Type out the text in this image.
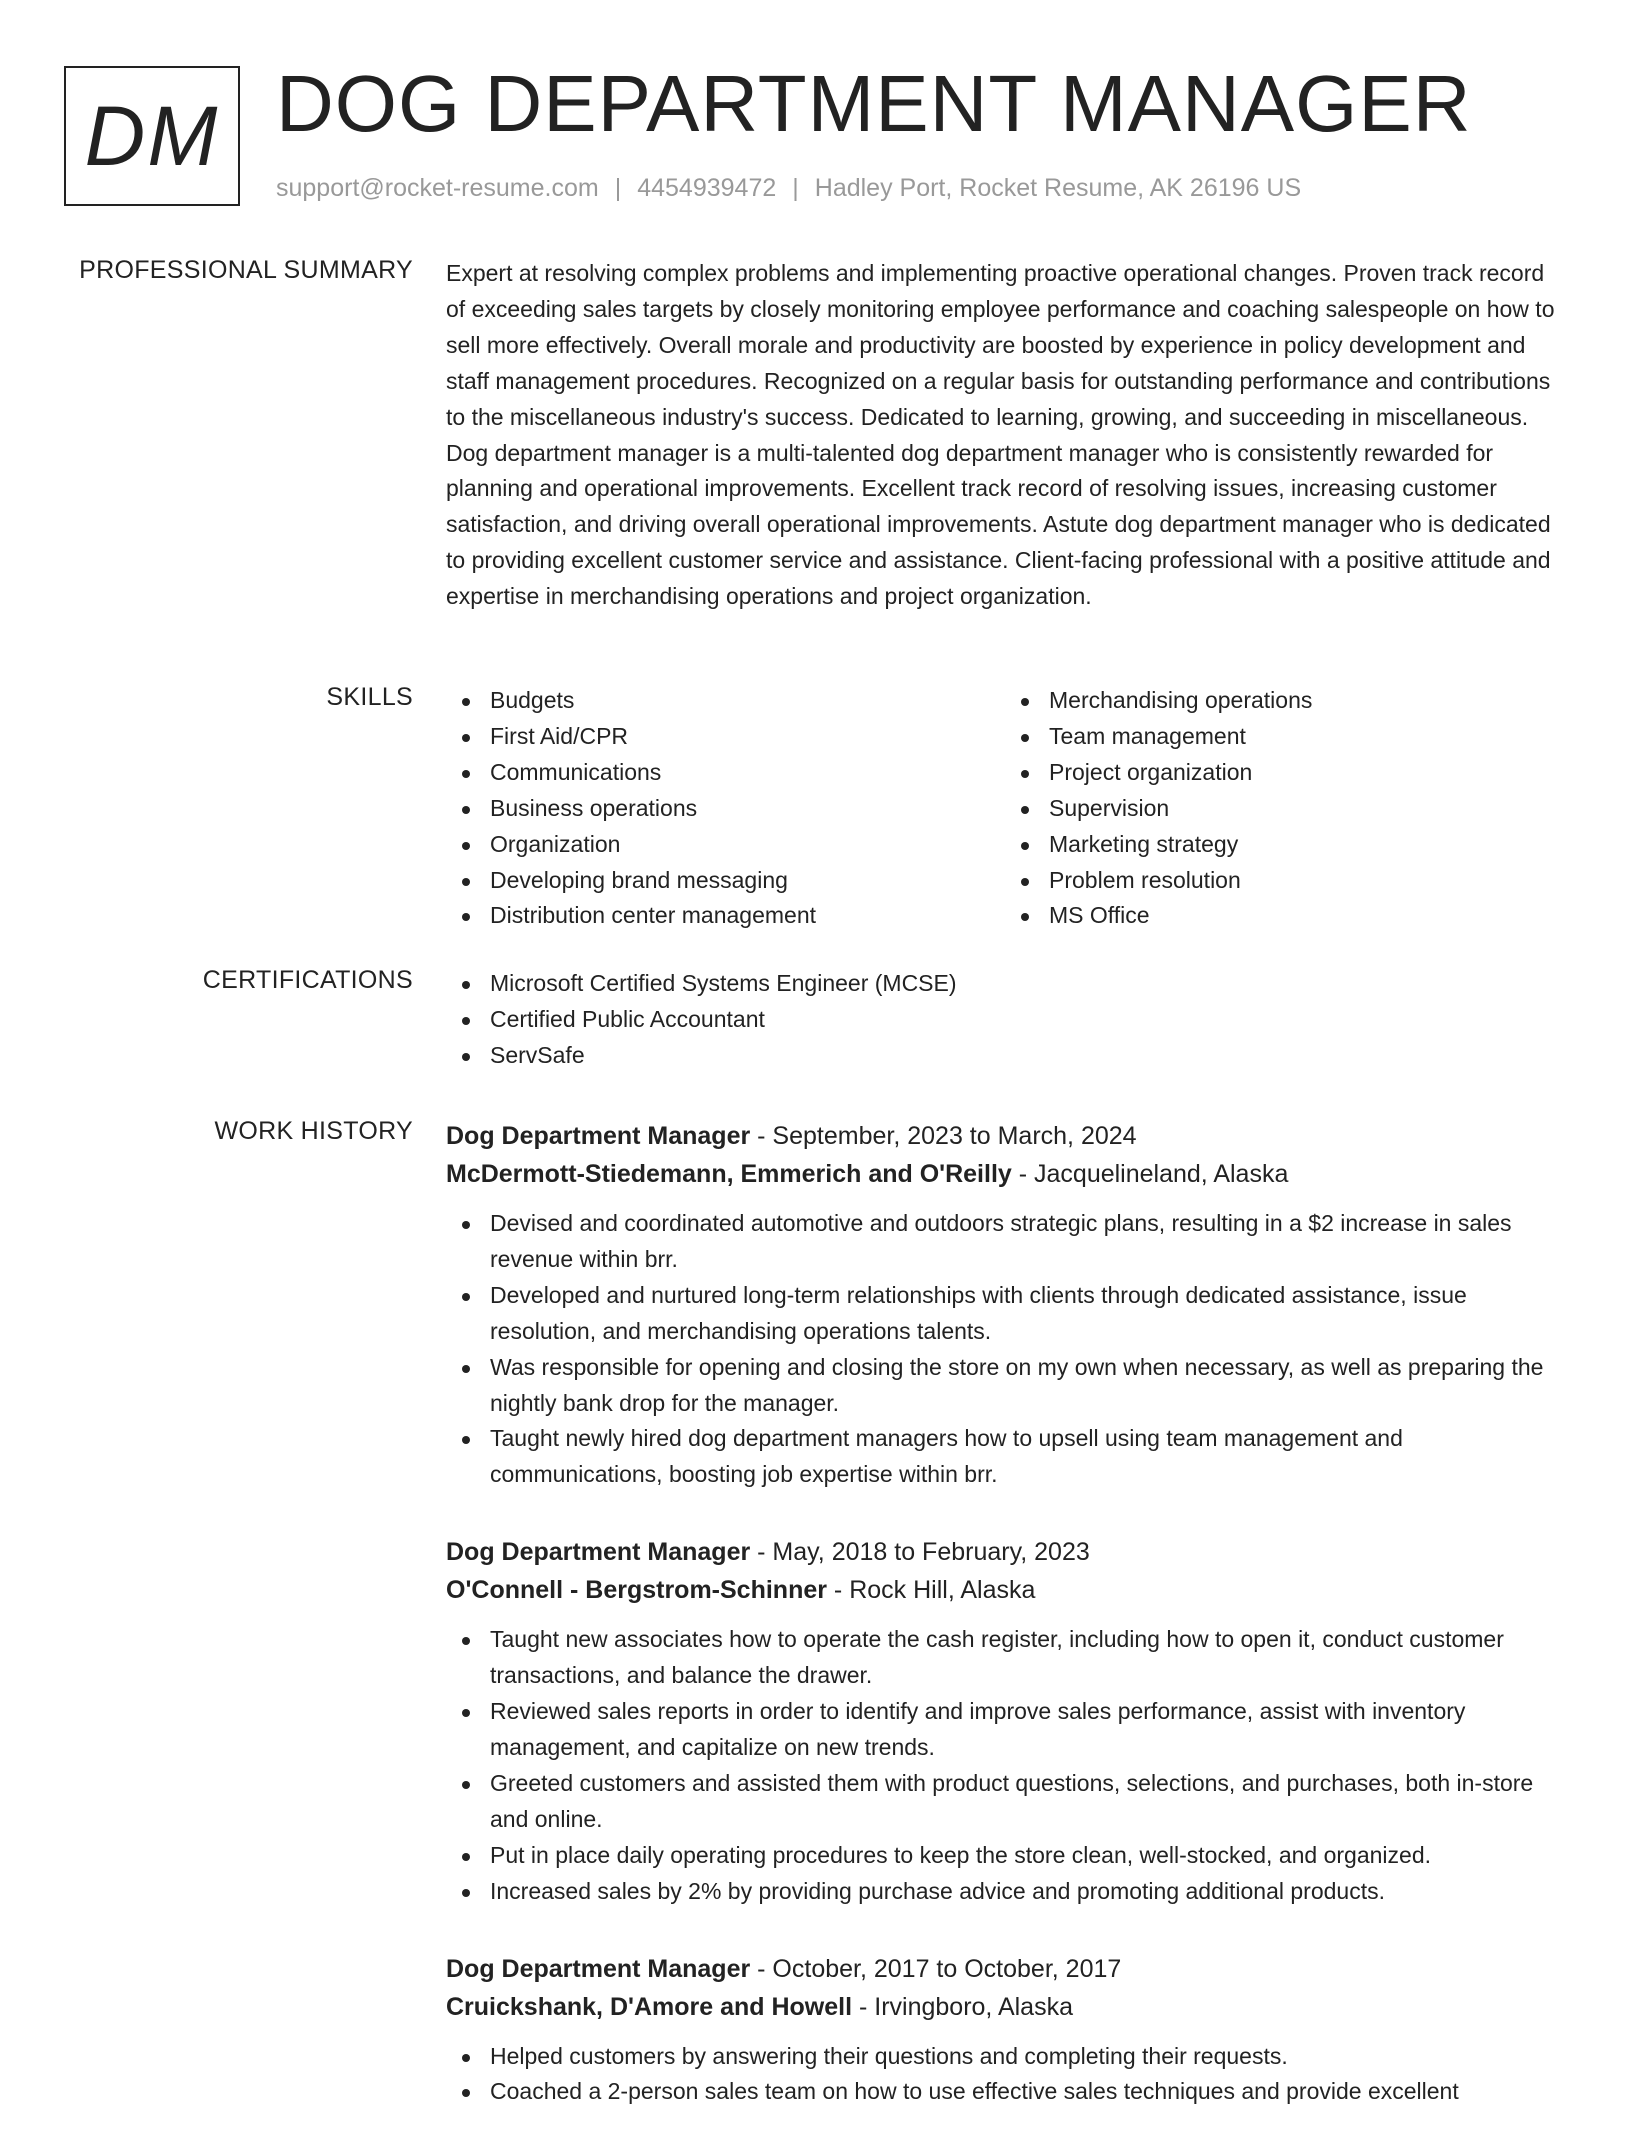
DM DOG DEPARTMENT MANAGER
support@rocket-resume.com | 4454939472 | Hadley Port, Rocket Resume, AK 26196 US
PROFESSIONAL SUMMARY Expert at resolving complex problems and implementing proactive operational changes. Proven track record of exceeding sales targets by closely monitoring employee performance and coaching salespeople on how to sell more effectively. Overall morale and productivity are boosted by experience in policy development and staff management procedures. Recognized on a regular basis for outstanding performance and contributions to the miscellaneous industry's success. Dedicated to learning, growing, and succeeding in miscellaneous. Dog department manager is a multi-talented dog department manager who is consistently rewarded for planning and operational improvements. Excellent track record of resolving issues, increasing customer satisfaction, and driving overall operational improvements. Astute dog department manager who is dedicated to providing excellent customer service and assistance. Client-facing professional with a positive attitude and expertise in merchandising operations and project organization.
SKILLS	Budgets
First Aid/CPR
Communications
Business operations
Organization
Developing brand messaging
Distribution center management
Merchandising operations
Team management
Project organization
Supervision
Marketing strategy
Problem resolution
MS Office
CERTIFICATIONS	Microsoft Certified Systems Engineer (MCSE)
Certified Public Accountant
ServSafe
WORK HISTORY Dog Department Manager - September, 2023 to March, 2024
McDermott-Stiedemann, Emmerich and O'Reilly - Jacquelineland, Alaska
Devised and coordinated automotive and outdoors strategic plans, resulting in a $2 increase in sales revenue within brr.
Developed and nurtured long-term relationships with clients through dedicated assistance, issue resolution, and merchandising operations talents.
Was responsible for opening and closing the store on my own when necessary, as well as preparing the nightly bank drop for the manager.
Taught newly hired dog department managers how to upsell using team management and communications, boosting job expertise within brr.
Dog Department Manager - May, 2018 to February, 2023
O'Connell - Bergstrom-Schinner - Rock Hill, Alaska
Taught new associates how to operate the cash register, including how to open it, conduct customer transactions, and balance the drawer.
Reviewed sales reports in order to identify and improve sales performance, assist with inventory management, and capitalize on new trends.
Greeted customers and assisted them with product questions, selections, and purchases, both in-store and online.
Put in place daily operating procedures to keep the store clean, well-stocked, and organized.
Increased sales by 2% by providing purchase advice and promoting additional products.
Dog Department Manager - October, 2017 to October, 2017
Cruickshank, D'Amore and Howell - Irvingboro, Alaska
Helped customers by answering their questions and completing their requests.
Coached a 2-person sales team on how to use effective sales techniques and provide excellent
